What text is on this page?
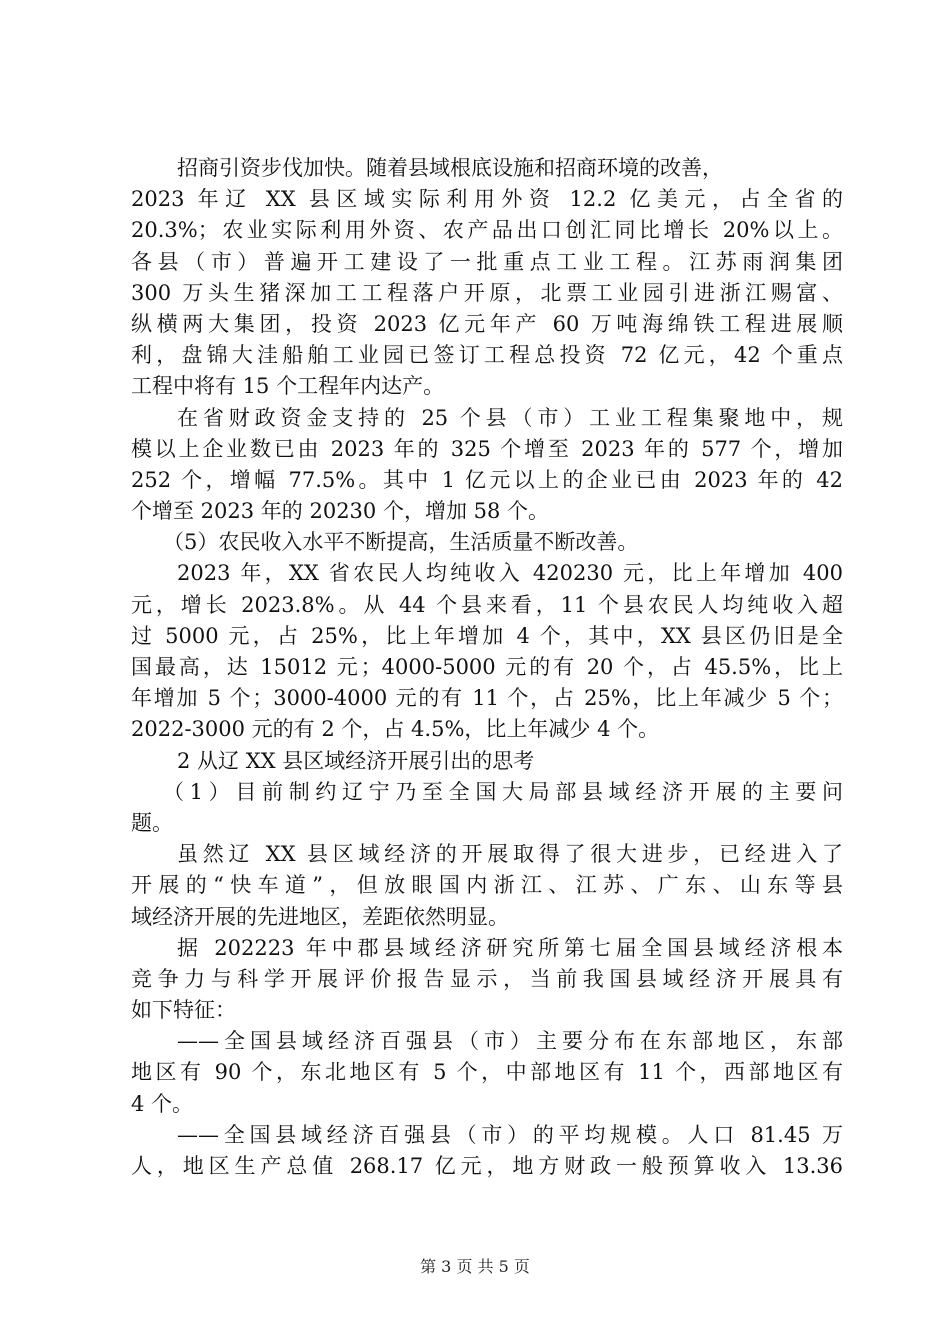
招商引资步伐加快。随着县域根底设施和招商环境的改善，
2023 年辽 XX 县区域实际利用外资 12.2 亿美元，占全省的
20.3%；农业实际利用外资、农产品出口创汇同比增长 20%以上。
各县（市）普遍开工建设了一批重点工业工程。江苏雨润集团
300 万头生猪深加工工程落户开原，北票工业园引进浙江赐富、
纵横两大集团，投资 2023 亿元年产 60 万吨海绵铁工程进展顺
利，盘锦大洼船舶工业园已签订工程总投资 72 亿元，42 个重点
工程中将有 15 个工程年内达产。
在省财政资金支持的 25 个县（市）工业工程集聚地中，规
模以上企业数已由 2023 年的 325 个增至 2023 年的 577 个，增加
252 个，增幅 77.5%。其中 1 亿元以上的企业已由 2023 年的 42
个增至 2023 年的 20230 个，增加 58 个。
（5）农民收入水平不断提高，生活质量不断改善。
2023 年，XX 省农民人均纯收入 420230 元，比上年增加 400
元，增长 2023.8%。从 44 个县来看，11 个县农民人均纯收入超
过 5000 元，占 25%，比上年增加 4 个，其中，XX 县区仍旧是全
国最高，达 15012 元；4000-5000 元的有 20 个，占 45.5%，比上
年增加 5 个；3000-4000 元的有 11 个，占 25%，比上年减少 5 个；
2022-3000 元的有 2 个，占 4.5%，比上年减少 4 个。
2 从辽 XX 县区域经济开展引出的思考
（1）目前制约辽宁乃至全国大局部县域经济开展的主要问
题。
虽然辽 XX 县区域经济的开展取得了很大进步，已经进入了
开展的“快车道”，但放眼国内浙江、江苏、广东、山东等县
域经济开展的先进地区，差距依然明显。
据 202223 年中郡县域经济研究所第七届全国县域经济根本
竞争力与科学开展评价报告显示，当前我国县域经济开展具有
如下特征：
——全国县域经济百强县（市）主要分布在东部地区，东部
地区有 90 个，东北地区有 5 个，中部地区有 11 个，西部地区有
4 个。
——全国县域经济百强县（市）的平均规模。人口 81.45 万
人，地区生产总值 268.17 亿元，地方财政一般预算收入 13.36
第 3 页 共 5 页
